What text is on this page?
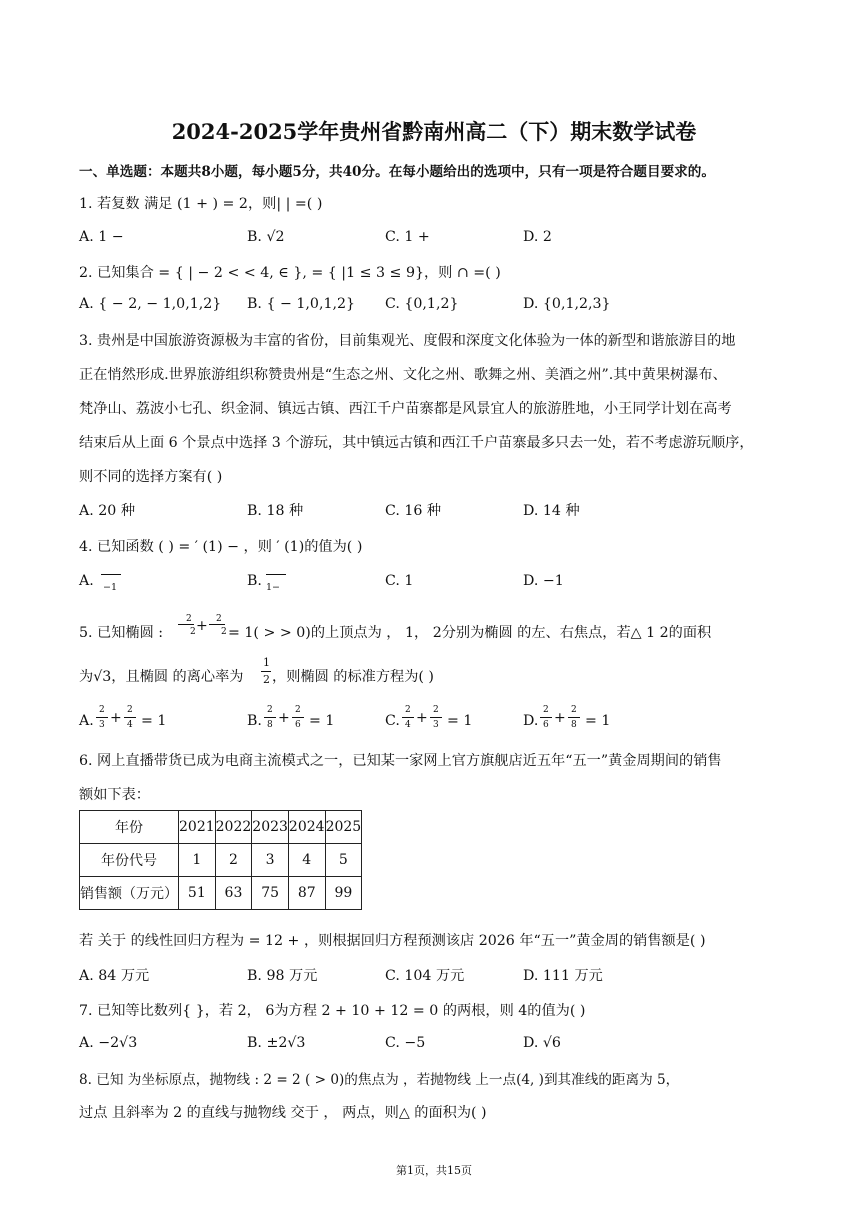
2024-2025学年贵州省黔南州高二（下）期末数学试卷
一、单选题：本题共8小题，每小题5分，共40分。在每小题给出的选项中，只有一项是符合题目要求的。
1. 若复数 满足 (1 + ) = 2，则| | =( )
A. 1 −	B. √2	C. 1 +	D. 2
2. 已知集合 = { | − 2 < < 4, ∈ }, = { |1 ≤ 3 ≤ 9}，则 ∩ =( )
A. { − 2, − 1,0,1,2} B. { − 1,0,1,2} C. {0,1,2}	D. {0,1,2,3}
3. 贵州是中国旅游资源极为丰富的省份，目前集观光、度假和深度文化体验为一体的新型和谐旅游目的地
正在悄然形成.世界旅游组织称赞贵州是“生态之州、文化之州、歌舞之州、美酒之州”.其中黄果树瀑布、
梵净山、荔波小七孔、织金洞、镇远古镇、西江千户苗寨都是风景宜人的旅游胜地，小王同学计划在高考
结束后从上面 6 个景点中选择 3 个游玩，其中镇远古镇和西江千户苗寨最多只去一处，若不考虑游玩顺序，
则不同的选择方案有( )
A. 20 种	B. 18 种	C. 16 种	D. 14 种
4. 已知函数 ( ) = ′ (1) − ，则 ′ (1)的值为( )
A. −1	B. 1−	C. 1	D. −1
5. 已知椭圆 :
2
2 + 2
2 = 1( > > 0)的上顶点为 ， 1， 2分别为椭圆 的左、右焦点，若△ 1 2的面积
为√3，且椭圆 的离心率为
1
2 ，则椭圆 的标准方程为( )
A.
2
3 + 2
4 = 1	B.
2
8 + 2
6 = 1	C.
2
4 + 2
3 = 1	D.
2
6 + 2
8 = 1
6. 网上直播带货已成为电商主流模式之一，已知某一家网上官方旗舰店近五年“五一”黄金周期间的销售
额如下表：
年份	2021	2022	2023	2024	2025
年份代号	1	2	3	4	5
销售额（万元）	51	63	75	87	99
若 关于 的线性回归方程为 = 12 + ，则根据回归方程预测该店 2026 年“五一”黄金周的销售额是( )
A. 84 万元	B. 98 万元	C. 104 万元	D. 111 万元
7. 已知等比数列{ }，若 2， 6为方程 2 + 10 + 12 = 0 的两根，则 4的值为( )
A. −2√3	B. ±2√3	C. −5	D. √6
8. 已知 为坐标原点，抛物线 : 2 = 2 ( > 0)的焦点为 ，若抛物线 上一点(4, )到其准线的距离为 5，
过点 且斜率为 2 的直线与抛物线 交于 ， 两点，则△ 的面积为( )
第1页，共15页
